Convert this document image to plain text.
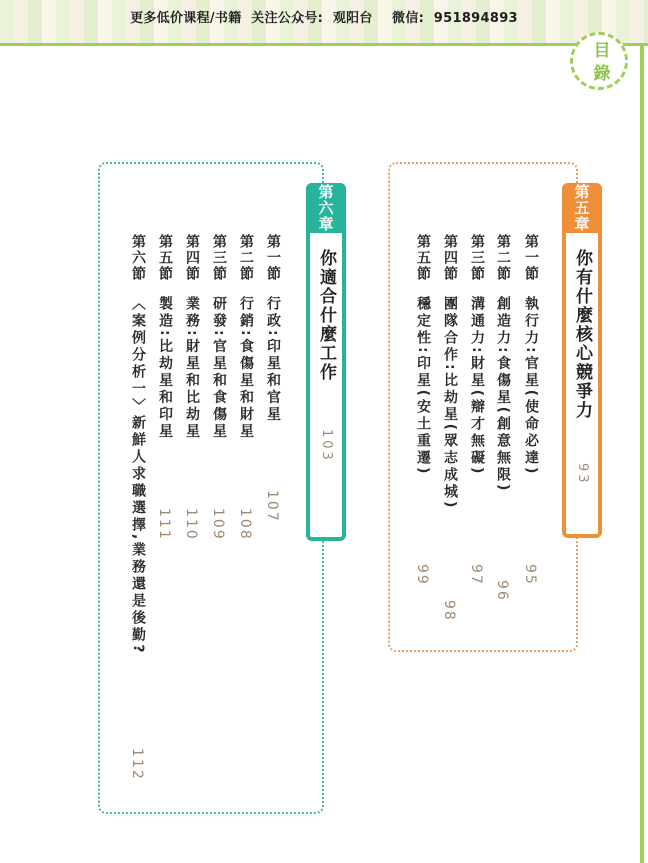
更多低价课程/书籍  关注公众号:  观阳台    微信:  951894893
目 錄
第五章
你有什麼核心競爭力
93
第一節執行力:官星(使命必達)
95
第二節創造力:食傷星(創意無限)
96
第三節溝通力:財星(辯才無礙)
97
第四節團隊合作:比劫星(眾志成城)
98
第五節穩定性:印星(安土重遷)
99
第六章
你適合什麼工作
103
第一節行政:印星和官星
107
第二節行銷:食傷星和財星
108
第三節研發:官星和食傷星
109
第四節業務:財星和比劫星
110
第五節製造:比劫星和印星
111
第六節〈案例分析一〉新鮮人求職選擇,業務還是後勤?
112
